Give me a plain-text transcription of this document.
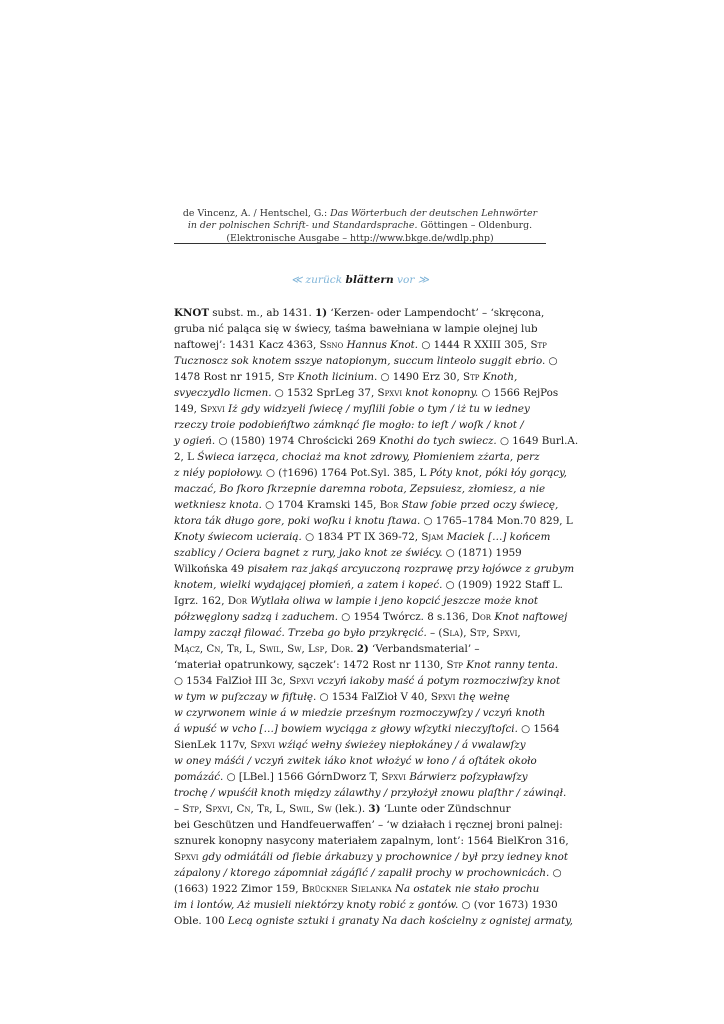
de Vincenz, A. / Hentschel, G.: Das Wörterbuch der deutschen Lehnwörter
in der polnischen Schrift- und Standardsprache. Göttingen – Oldenburg.
(Elektronische Ausgabe – http://www.bkge.de/wdlp.php)
≪ zurück blättern vor ≫
KNOT subst. m., ab 1431. 1) ‘Kerzen- oder Lampendocht’ – ‘skręcona,
gruba nić paląca się w świecy, taśma bawełniana w lampie olejnej lub
naftowej’: 1431 Kacz 4363, Ssno Hannus Knot. ○ 1444 R XXIII 305, Stp
Tucznoscz sok knotem sszye natopionym, succum linteolo suggit ebrio. ○
1478 Rost nr 1915, Stp Knoth licinium. ○ 1490 Erz 30, Stp Knoth,
svyeczydlo licmen. ○ 1532 SprLeg 37, Spxvi knot konopny. ○ 1566 RejPos
149, Spxvi Iż gdy widzyeli ſwiecę / myſlili ſobie o tym / iż tu w iedney
rzeczy troie podobieńſtwo zámknąć ſie mogło: to ieſt / woſk / knot /
y ogień. ○ (1580) 1974 Chrościcki 269 Knothi do tych swiecz. ○ 1649 Burl.A.
2, L Świeca iarzęca, chociaż ma knot zdrowy, Płomieniem zżarta, perz
z niéy popiołowy. ○ (†1696) 1764 Pot.Syl. 385, L Póty knot, póki łóy gorący,
maczać, Bo ſkoro ſkrzepnie daremna robota, Zepsuiesz, złomiesz, a nie
wetkniesz knota. ○ 1704 Kramski 145, Bor Staw ſobie przed oczy świecę,
ktora ták długo gore, poki woſku i knotu ſtawa. ○ 1765–1784 Mon.70 829, L
Knoty świecom ucieraią. ○ 1834 PT IX 369-72, Sjam Maciek […] końcem
szablicy / Ociera bagnet z rury, jako knot ze świécy. ○ (1871) 1959
Wilkońska 49 pisałem raz jakąś arcyuczoną rozprawę przy łojówce z grubym
knotem, wielki wydającej płomień, a zatem i kopeć. ○ (1909) 1922 Staff L.
Igrz. 162, Dor Wytlała oliwa w lampie i jeno kopcić jeszcze może knot
półzwęglony sadzą i zaduchem. ○ 1954 Twórcz. 8 s.136, Dor Knot naftowej
lampy zaczął filować. Trzeba go było przykręcić. – (Sla), Stp, Spxvi,
Mącz, Cn, Tr, L, Swil, Sw, Lsp, Dor. 2) ‘Verbandsmaterial’ –
‘materiał opatrunkowy, sączek’: 1472 Rost nr 1130, Stp Knot ranny tenta.
○ 1534 FalZioł III 3c, Spxvi vczyń iakoby maść á potym rozmocziwſzy knot
w tym w puſzczay w fiſtułę. ○ 1534 FalZioł V 40, Spxvi thę wełnę
w czyrwonem winie á w miedzie prześnym rozmoczywſzy / vczyń knoth
á wpuść w vcho […] bowiem wyciąga z głowy wſzytki nieczyſtoſci. ○ 1564
SienLek 117v, Spxvi wźiąć wełny świeżey niepłokáney / á vwalawſzy
w oney máśći / vczyń zwitek iáko knot włożyć w łono / á oſtátek około
pomázáć. ○ [LBel.] 1566 GórnDworz T, Spxvi Bárwierz poſzypławſzy
trochę / wpuśćił knoth między zálawthy / przyłożył znowu plaſthr / záwinął.
– Stp, Spxvi, Cn, Tr, L, Swil, Sw (lek.). 3) ‘Lunte oder Zündschnur
bei Geschützen und Handfeuerwaffen’ – ‘w działach i ręcznej broni palnej:
sznurek konopny nasycony materiałem zapalnym, lont’: 1564 BielKron 316,
Spxvi gdy odmiátáli od ſiebie árkabuzy y prochownice / był przy iedney knot
zápalony / ktorego zápomniał zágáſić / zapalił prochy w prochownicách. ○
(1663) 1922 Zimor 159, Brückner Sielanka Na ostatek nie stało prochu
im i lontów, Aż musieli niektórzy knoty robić z gontów. ○ (vor 1673) 1930
Oble. 100 Lecą ogniste sztuki i granaty Na dach kościelny z ognistej armaty,
